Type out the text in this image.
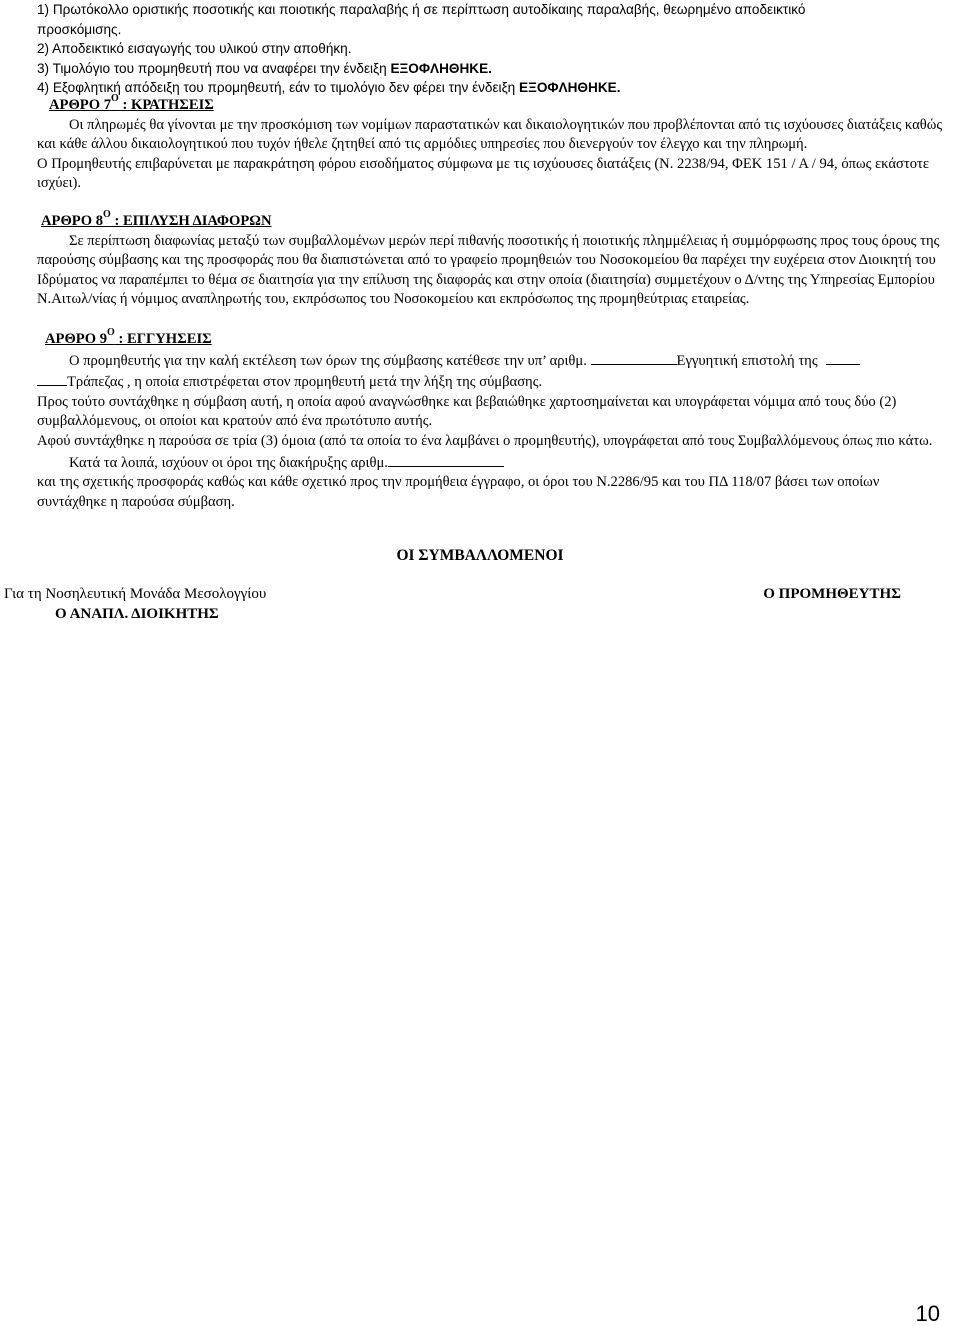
1) Πρωτόκολλο οριστικής ποσοτικής και ποιοτικής παραλαβής ή σε περίπτωση αυτοδίκαιης παραλαβής, θεωρημένο αποδεικτικό
προσκόμισης.
2) Αποδεικτικό εισαγωγής του υλικού στην αποθήκη.
3) Τιμολόγιο του προμηθευτή που να αναφέρει την ένδειξη ΕΞΟΦΛΗΘΗΚΕ.
4) Εξοφλητική απόδειξη του προμηθευτή, εάν το τιμολόγιο δεν φέρει την ένδειξη ΕΞΟΦΛΗΘΗΚΕ.
ΑΡΘΡΟ $7^O$ : ΚΡΑΤΗΣΕΙΣ
Οι πληρωμές θα γίνονται με την προσκόμιση των νομίμων παραστατικών και δικαιολογητικών που προβλέπονται από τις ισχύουσες διατάξεις καθώς και κάθε άλλου δικαιολογητικού που τυχόν ήθελε ζητηθεί από τις αρμόδιες υπηρεσίες που διενεργούν τον έλεγχο και την πληρωμή.
Ο Προμηθευτής επιβαρύνεται με παρακράτηση φόρου εισοδήματος σύμφωνα με τις ισχύουσες διατάξεις (Ν. 2238/94, ΦΕΚ 151 / Α / 94, όπως εκάστοτε ισχύει).
ΑΡΘΡΟ $8^O$ : ΕΠΙΛΥΣΗ ΔΙΑΦΟΡΩΝ
Σε περίπτωση διαφωνίας μεταξύ των συμβαλλομένων μερών περί πιθανής ποσοτικής ή ποιοτικής πλημμέλειας ή συμμόρφωσης προς τους όρους της παρούσης σύμβασης και της προσφοράς που θα διαπιστώνεται από το γραφείο προμηθειών του Νοσοκομείου θα παρέχει την ευχέρεια στον Διοικητή του Ιδρύματος να παραπέμπει το θέμα σε διαιτησία για την επίλυση της διαφοράς και στην οποία (διαιτησία) συμμετέχουν ο Δ/ντης της Υπηρεσίας Εμπορίου Ν.Αιτωλ/νίας ή νόμιμος αναπληρωτής του, εκπρόσωπος του Νοσοκομείου και εκπρόσωπος της προμηθεύτριας εταιρείας.
ΑΡΘΡΟ $9^O$ : ΕΓΓΥΗΣΕΙΣ
Ο προμηθευτής για την καλή εκτέλεση των όρων της σύμβασης κατέθεσε την υπ’ αριθμ.	Εγγυητική επιστολή της
Τράπεζας , η οποία επιστρέφεται στον προμηθευτή μετά την λήξη της σύμβασης.
Προς τούτο συντάχθηκε η σύμβαση αυτή, η οποία αφού αναγνώσθηκε και βεβαιώθηκε χαρτοσημαίνεται και υπογράφεται νόμιμα από τους δύο (2) συμβαλλόμενους, οι οποίοι και κρατούν από ένα πρωτότυπο αυτής.
Αφού συντάχθηκε η παρούσα σε τρία (3) όμοια (από τα οποία το ένα λαμβάνει ο προμηθευτής), υπογράφεται από τους Συμβαλλόμενους όπως πιο κάτω.
Κατά τα λοιπά, ισχύουν οι όροι της διακήρυξης αριθμ.
και της σχετικής προσφοράς καθώς και κάθε σχετικό προς την προμήθεια έγγραφο, οι όροι του Ν.2286/95 και του ΠΔ 118/07 βάσει των οποίων συντάχθηκε η παρούσα σύμβαση.
ΟΙ ΣΥΜΒΑΛΛΟΜΕΝΟΙ
Για τη Νοσηλευτική Μονάδα Μεσολογγίου
Ο ΑΝΑΠΛ. ΔΙΟΙΚΗΤΗΣ
Ο ΠΡΟΜΗΘΕΥΤΗΣ
10
